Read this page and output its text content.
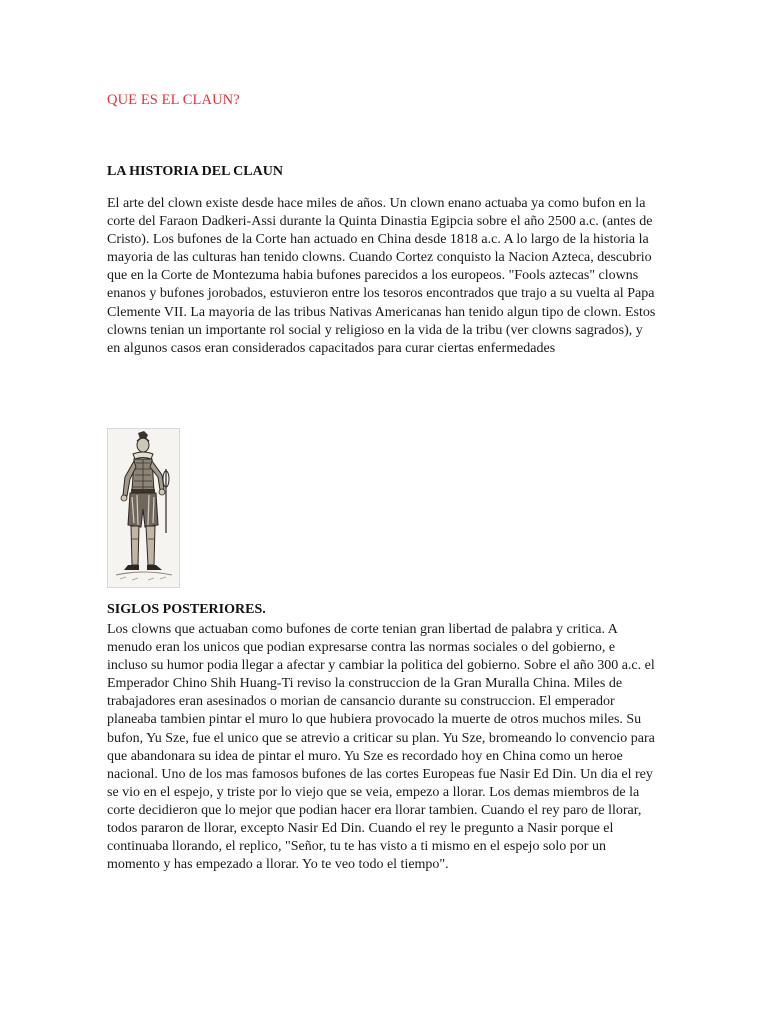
QUE ES EL CLAUN?
LA HISTORIA DEL CLAUN
El arte del clown existe desde hace miles de años. Un clown enano actuaba ya como bufon en la corte del Faraon Dadkeri-Assi durante la Quinta Dinastia Egipcia sobre el año 2500 a.c. (antes de Cristo). Los bufones de la Corte han actuado en China desde 1818 a.c. A lo largo de la historia la mayoria de las culturas han tenido clowns. Cuando Cortez conquisto la Nacion Azteca, descubrio que en la Corte de Montezuma habia bufones parecidos a los europeos. "Fools aztecas" clowns enanos y bufones jorobados, estuvieron entre los tesoros encontrados que trajo a su vuelta al Papa Clemente VII. La mayoria de las tribus Nativas Americanas han tenido algun tipo de clown. Estos clowns tenian un importante rol social y religioso en la vida de la tribu (ver clowns sagrados), y en algunos casos eran considerados capacitados para curar ciertas enfermedades
SIGLOS POSTERIORES.
Los clowns que actuaban como bufones de corte tenian gran libertad de palabra y critica. A menudo eran los unicos que podian expresarse contra las normas sociales o del gobierno, e incluso su humor podia llegar a afectar y cambiar la politica del gobierno. Sobre el año 300 a.c. el Emperador Chino Shih Huang-Ti reviso la construccion de la Gran Muralla China. Miles de trabajadores eran asesinados o morian de cansancio durante su construccion. El emperador planeaba tambien pintar el muro lo que hubiera provocado la muerte de otros muchos miles. Su bufon, Yu Sze, fue el unico que se atrevio a criticar su plan. Yu Sze, bromeando lo convencio para que abandonara su idea de pintar el muro. Yu Sze es recordado hoy en China como un heroe nacional. Uno de los mas famosos bufones de las cortes Europeas fue Nasir Ed Din. Un dia el rey se vio en el espejo, y triste por lo viejo que se veia, empezo a llorar. Los demas miembros de la corte decidieron que lo mejor que podian hacer era llorar tambien. Cuando el rey paro de llorar, todos pararon de llorar, excepto Nasir Ed Din. Cuando el rey le pregunto a Nasir porque el continuaba llorando, el replico, "Señor, tu te has visto a ti mismo en el espejo solo por un momento y has empezado a llorar. Yo te veo todo el tiempo".
